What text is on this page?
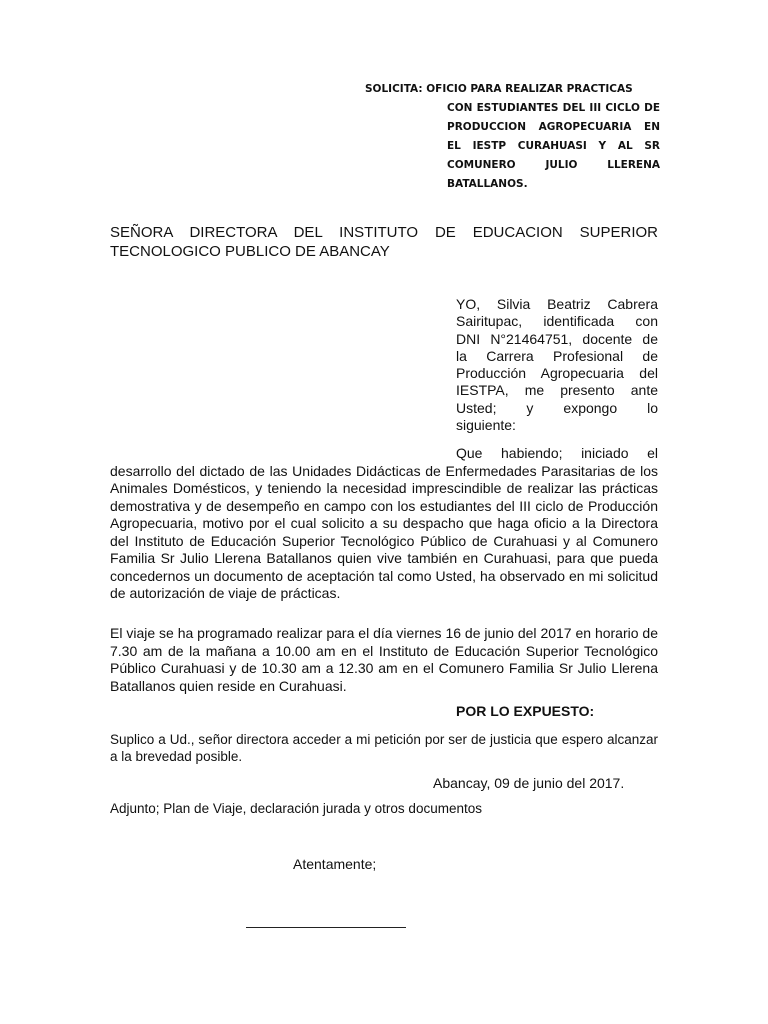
SOLICITA: OFICIO PARA REALIZAR PRACTICAS
CON ESTUDIANTES DEL III CICLO DE
PRODUCCION AGROPECUARIA EN
EL IESTP CURAHUASI Y AL SR
COMUNERO JULIO LLERENA
BATALLANOS.
SEÑORA DIRECTORA DEL INSTITUTO DE EDUCACION SUPERIOR
TECNOLOGICO PUBLICO DE ABANCAY
YO, Silvia Beatriz Cabrera
Sairitupac, identificada con
DNI N°21464751, docente de
la Carrera Profesional de
Producción Agropecuaria del
IESTPA, me presento ante
Usted; y expongo lo
siguiente:
Que habiendo; iniciado el
desarrollo del dictado de las Unidades Didácticas de Enfermedades Parasitarias de los Animales Domésticos, y teniendo la necesidad imprescindible de realizar las prácticas demostrativa y de desempeño en campo con los estudiantes del III ciclo de Producción Agropecuaria, motivo por el cual solicito a su despacho que haga oficio a la Directora del Instituto de Educación Superior Tecnológico Público de Curahuasi y al Comunero Familia Sr Julio Llerena Batallanos quien vive también en Curahuasi, para que pueda concedernos un documento de aceptación tal como Usted, ha observado en mi solicitud de autorización de viaje de prácticas.
El viaje se ha programado realizar para el día viernes 16 de junio del 2017 en horario de 7.30 am de la mañana a 10.00 am en el Instituto de Educación Superior Tecnológico Público Curahuasi y de 10.30 am a 12.30 am en el Comunero Familia Sr Julio Llerena Batallanos quien reside en Curahuasi.
POR LO EXPUESTO:
Suplico a Ud., señor directora acceder a mi petición por ser de justicia que espero alcanzar a la brevedad posible.
Abancay, 09 de junio del 2017.
Adjunto; Plan de Viaje, declaración jurada y otros documentos
Atentamente;
